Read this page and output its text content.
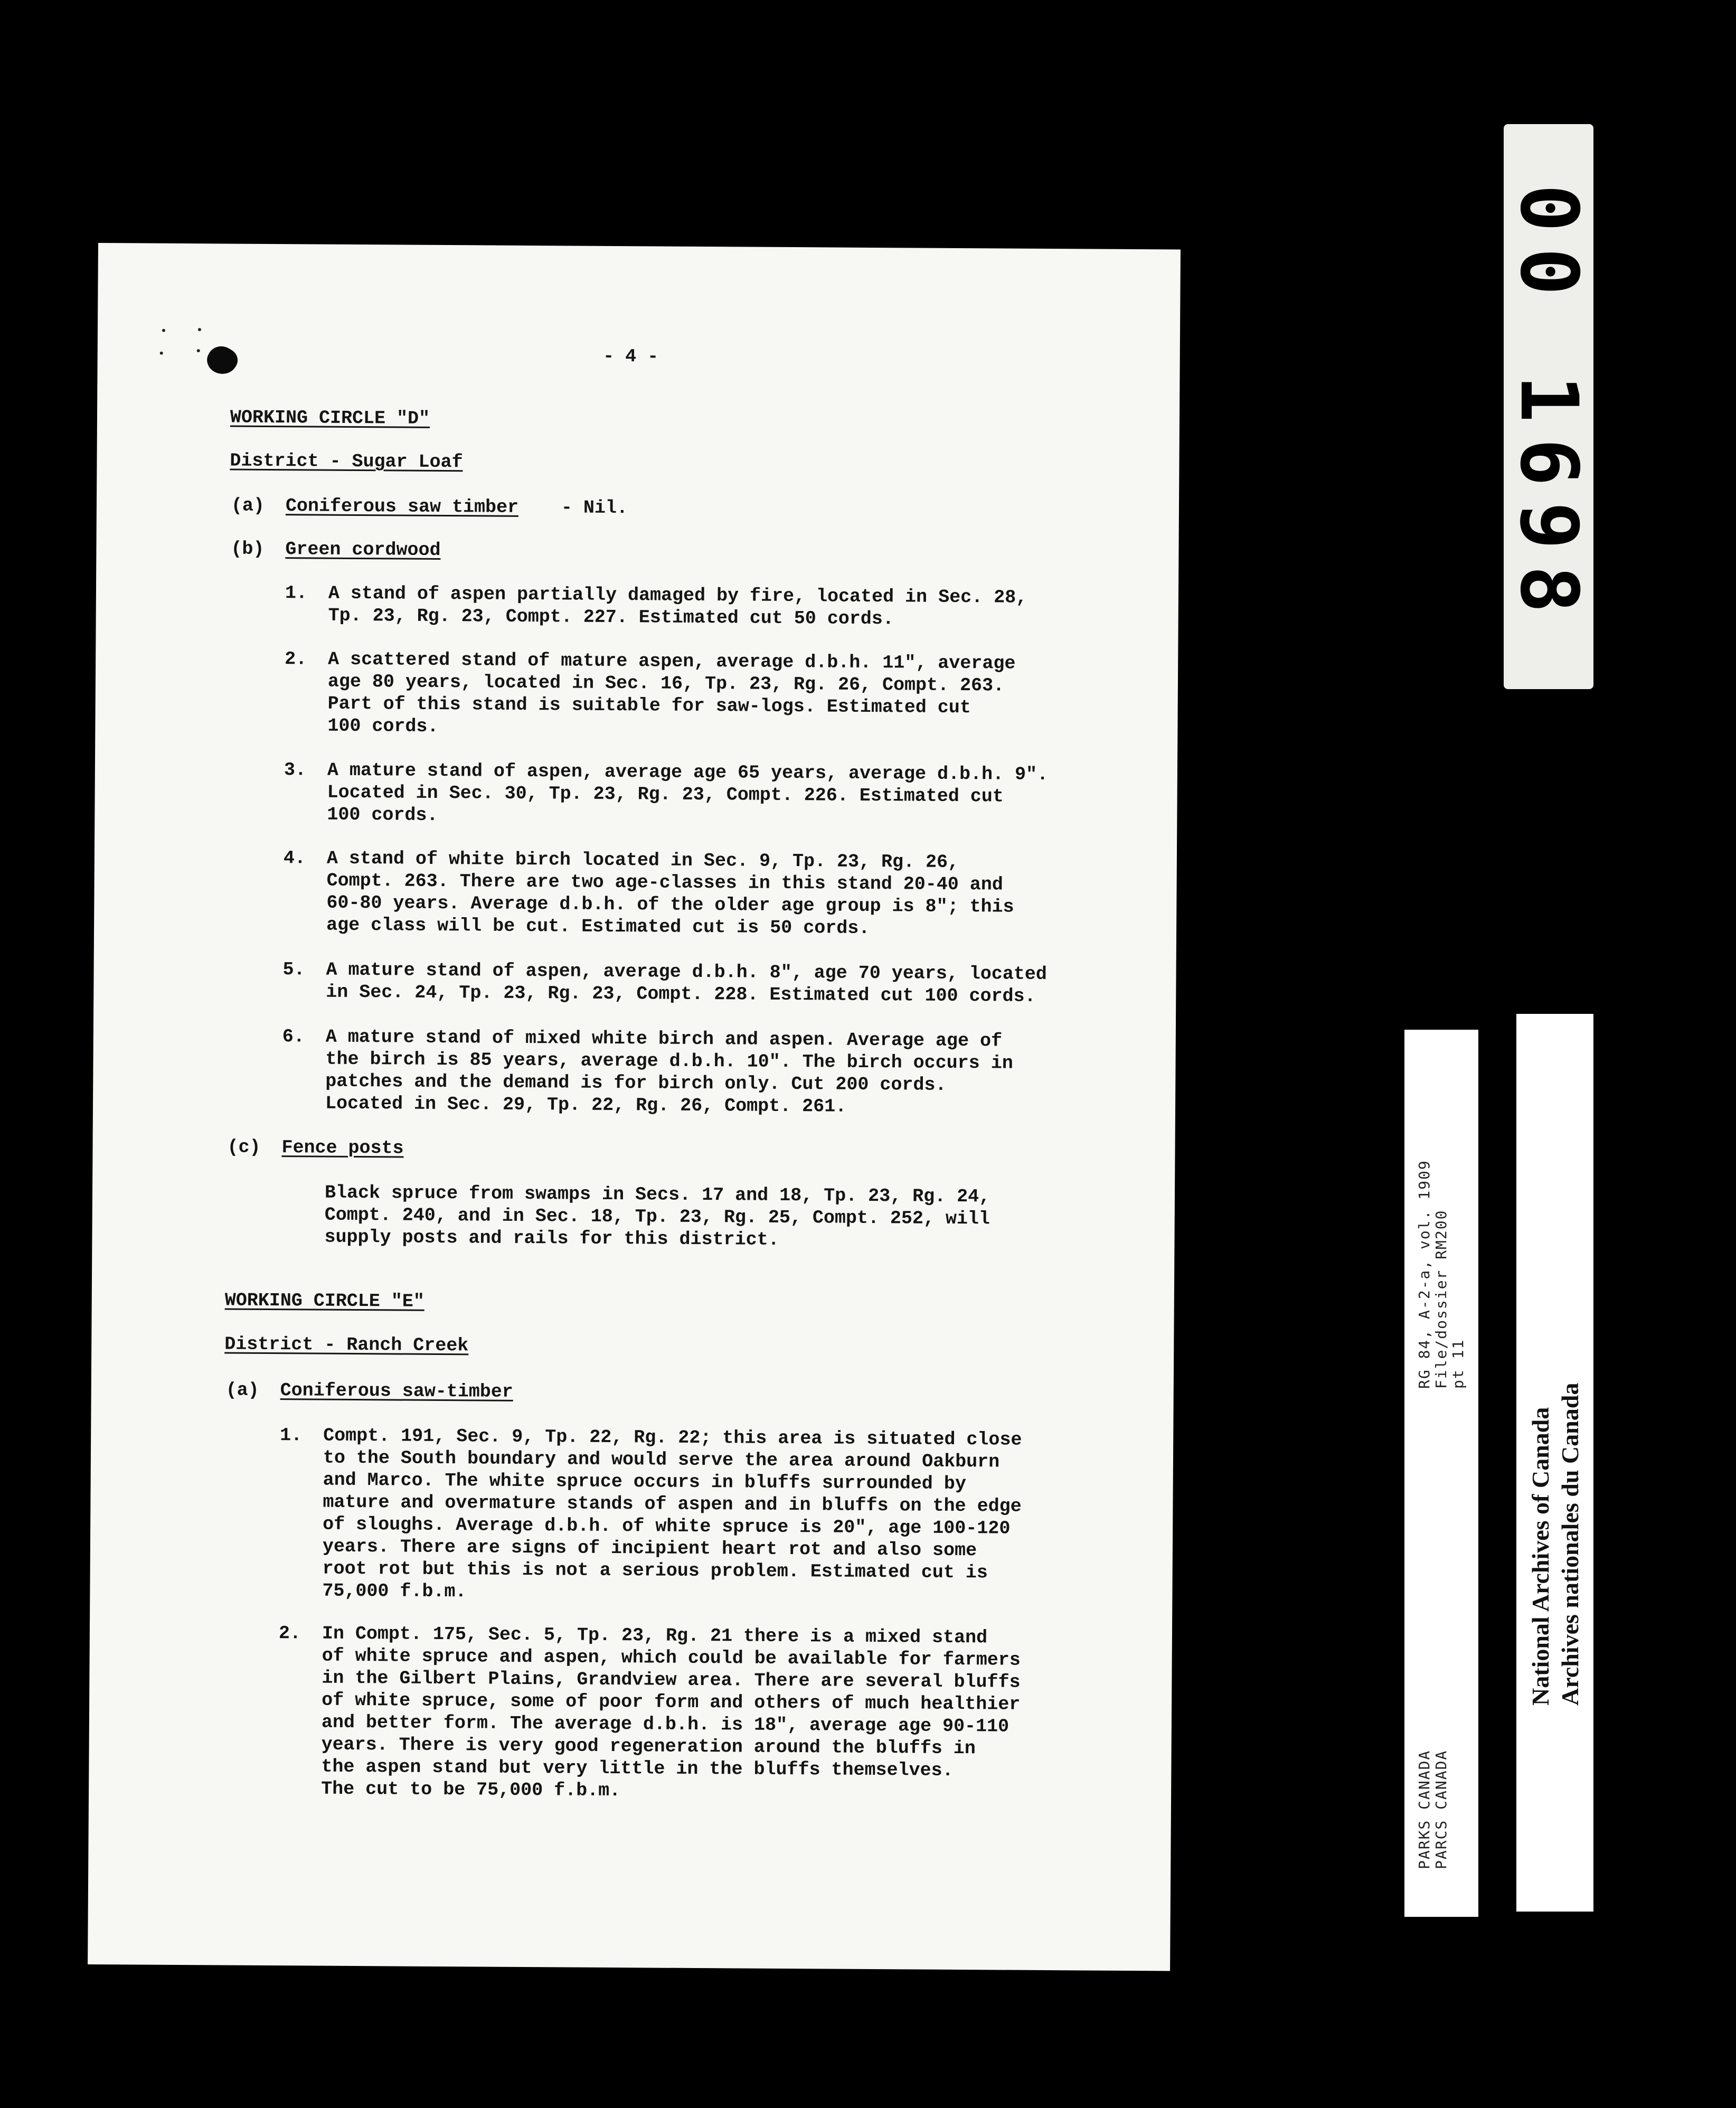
- 4 -
WORKING CIRCLE "D"
District - Sugar Loaf
(a) Coniferous saw timber - Nil.
(b) Green cordwood
1. A stand of aspen partially damaged by fire, located in Sec. 28,
Tp. 23, Rg. 23, Compt. 227. Estimated cut 50 cords.
2. A scattered stand of mature aspen, average d.b.h. 11", average
age 80 years, located in Sec. 16, Tp. 23, Rg. 26, Compt. 263.
Part of this stand is suitable for saw-logs. Estimated cut
100 cords.
3. A mature stand of aspen, average age 65 years, average d.b.h. 9".
Located in Sec. 30, Tp. 23, Rg. 23, Compt. 226. Estimated cut
100 cords.
4. A stand of white birch located in Sec. 9, Tp. 23, Rg. 26,
Compt. 263. There are two age-classes in this stand 20-40 and
60-80 years. Average d.b.h. of the older age group is 8"; this
age class will be cut. Estimated cut is 50 cords.
5. A mature stand of aspen, average d.b.h. 8", age 70 years, located
in Sec. 24, Tp. 23, Rg. 23, Compt. 228. Estimated cut 100 cords.
6. A mature stand of mixed white birch and aspen. Average age of
the birch is 85 years, average d.b.h. 10". The birch occurs in
patches and the demand is for birch only. Cut 200 cords.
Located in Sec. 29, Tp. 22, Rg. 26, Compt. 261.
(c) Fence posts
Black spruce from swamps in Secs. 17 and 18, Tp. 23, Rg. 24,
Compt. 240, and in Sec. 18, Tp. 23, Rg. 25, Compt. 252, will
supply posts and rails for this district.
WORKING CIRCLE "E"
District - Ranch Creek
(a) Coniferous saw-timber
1. Compt. 191, Sec. 9, Tp. 22, Rg. 22; this area is situated close
to the South boundary and would serve the area around Oakburn
and Marco. The white spruce occurs in bluffs surrounded by
mature and overmature stands of aspen and in bluffs on the edge
of sloughs. Average d.b.h. of white spruce is 20", age 100-120
years. There are signs of incipient heart rot and also some
root rot but this is not a serious problem. Estimated cut is
75,000 f.b.m.
2. In Compt. 175, Sec. 5, Tp. 23, Rg. 21 there is a mixed stand
of white spruce and aspen, which could be available for farmers
in the Gilbert Plains, Grandview area. There are several bluffs
of white spruce, some of poor form and others of much healthier
and better form. The average d.b.h. is 18", average age 90-110
years. There is very good regeneration around the bluffs in
the aspen stand but very little in the bluffs themselves.
The cut to be 75,000 f.b.m.
00 1698
RG 84, A-2-a, vol. 1909 File/dossier RM200 pt 11
PARKS CANADA PARCS CANADA
National Archives of Canada Archives nationales du Canada
